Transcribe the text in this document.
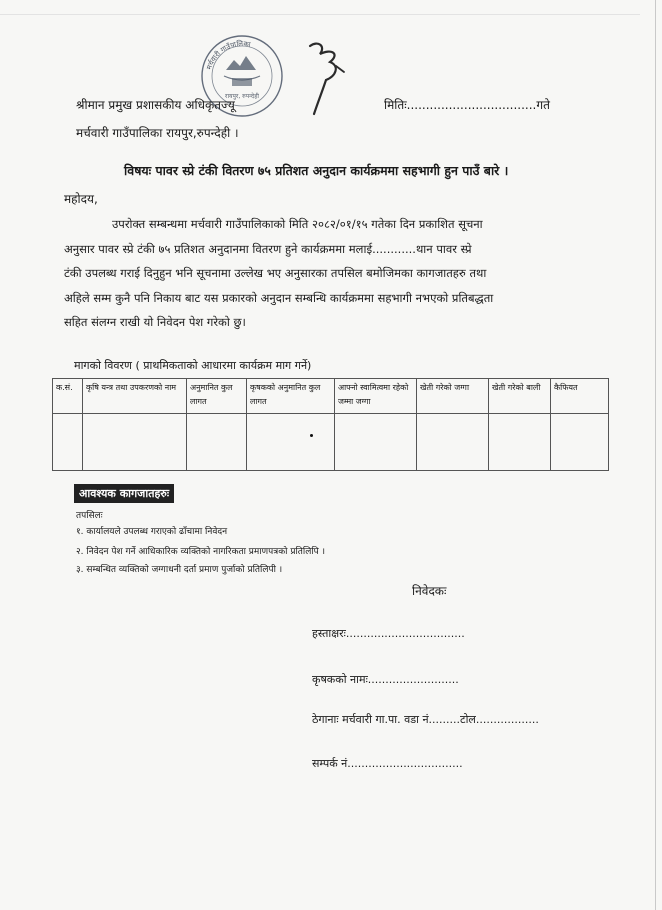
मर्चवारी गाउँपालिका
रायपुर, रुपन्देही
श्रीमान प्रमुख प्रशासकीय अधिकृतज्यू
मर्चवारी गाउँपालिका रायपुर,रुपन्देही ।
मितिः..................................गते
विषयः पावर स्प्रे टंकी वितरण ७५ प्रतिशत अनुदान कार्यक्रममा सहभागी हुन पाउँ बारे ।
महोदय,
उपरोक्त सम्बन्धमा मर्चवारी गाउँपालिकाको मिति २०८२/०१/१५ गतेका दिन प्रकाशित सूचना
अनुसार पावर स्प्रे टंकी ७५ प्रतिशत अनुदानमा वितरण हुने कार्यक्रममा मलाई............थान पावर स्प्रे
टंकी उपलब्ध गराई दिनुहुन भनि सूचनामा उल्लेख भए अनुसारका तपसिल बमोजिमका कागजातहरु तथा
अहिले सम्म कुनै पनि निकाय बाट यस प्रकारको अनुदान सम्बन्धि कार्यक्रममा सहभागी नभएको प्रतिबद्धता
सहित संलग्न राखी यो निवेदन पेश गरेको छु।
मागको विवरण ( प्राथमिकताको आधारमा कार्यक्रम माग गर्ने)
क.सं.	कृषि यन्त्र तथा उपकरणको नाम	अनुमानित कुल लागत	कृषकको अनुमानित कुल लागत	आफ्नो स्वामित्वमा रहेको जम्मा जग्गा	खेती गरेको जग्गा	खेती गरेको बाली	कैफियत

आवश्यक कागजातहरुः
तपसिलः
१. कार्यालयले उपलब्ध गराएको ढाँचामा निवेदन
२. निवेदन पेश गर्ने आधिकारिक व्यक्तिको नागरिकता प्रमाणपत्रको प्रतिलिपि ।
३. सम्बन्धित व्यक्तिको जग्गाधनी दर्ता प्रमाण पुर्जाको प्रतिलिपी ।
निवेदकः
हस्ताक्षरः..................................
कृषकको नामः..........................
ठेगानाः मर्चवारी गा.पा. वडा नं.........टोल..................
सम्पर्क नं.................................
